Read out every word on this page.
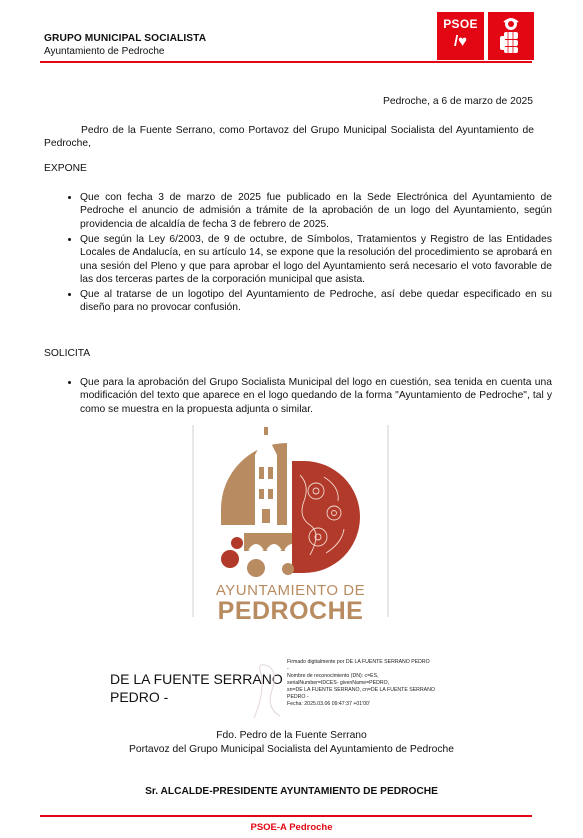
GRUPO MUNICIPAL SOCIALISTA
Ayuntamiento de Pedroche
PSOE
/♥
Pedroche, a 6 de marzo de 2025
Pedro de la Fuente Serrano, como Portavoz del Grupo Municipal Socialista del Ayuntamiento de Pedroche,
EXPONE
• Que con fecha 3 de marzo de 2025 fue publicado en la Sede Electrónica del Ayuntamiento de Pedroche el anuncio de admisión a trámite de la aprobación de un logo del Ayuntamiento, según providencia de alcaldía de fecha 3 de febrero de 2025.
• Que según la Ley 6/2003, de 9 de octubre, de Símbolos, Tratamientos y Registro de las Entidades Locales de Andalucía, en su artículo 14, se expone que la resolución del procedimiento se aprobará en una sesión del Pleno y que para aprobar el logo del Ayuntamiento será necesario el voto favorable de las dos terceras partes de la corporación municipal que asista.
• Que al tratarse de un logotipo del Ayuntamiento de Pedroche, así debe quedar especificado en su diseño para no provocar confusión.
SOLICITA
• Que para la aprobación del Grupo Socialista Municipal del logo en cuestión, sea tenida en cuenta una modificación del texto que aparece en el logo quedando de la forma "Ayuntamiento de Pedroche", tal y como se muestra en la propuesta adjunta o similar.
AYUNTAMIENTO DE
PEDROCHE
DE LA FUENTE SERRANO
PEDRO -
Firmado digitalmente por DE LA FUENTE SERRANO PEDRO
-
Nombre de reconocimiento (DN): c=ES,
serialNumber=IDCES- givenName=PEDRO,
sn=DE LA FUENTE SERRANO, cn=DE LA FUENTE SERRANO
PEDRO -
Fecha: 2025.03.06 09:47:37 +01'00'
Fdo. Pedro de la Fuente Serrano
Portavoz del Grupo Municipal Socialista del Ayuntamiento de Pedroche
Sr. ALCALDE-PRESIDENTE AYUNTAMIENTO DE PEDROCHE
PSOE-A Pedroche
